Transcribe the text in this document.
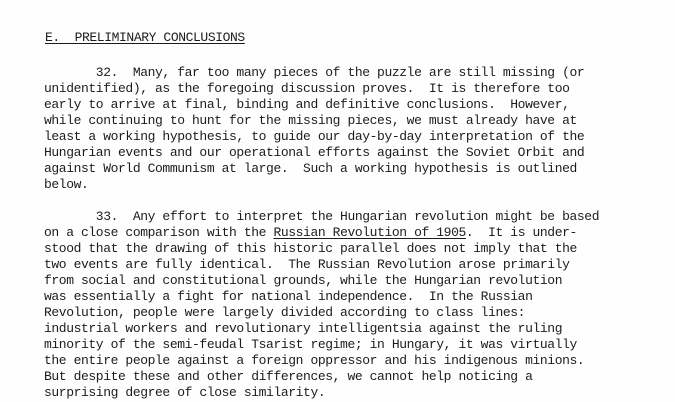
E.  PRELIMINARY CONCLUSIONS
32.  Many, far too many pieces of the puzzle are still missing (or
unidentified), as the foregoing discussion proves.  It is therefore too
early to arrive at final, binding and definitive conclusions.  However,
while continuing to hunt for the missing pieces, we must already have at
least a working hypothesis, to guide our day-by-day interpretation of the
Hungarian events and our operational efforts against the Soviet Orbit and
against World Communism at large.  Such a working hypothesis is outlined
below.
33.  Any effort to interpret the Hungarian revolution might be based
on a close comparison with the Russian Revolution of 1905.  It is under-
stood that the drawing of this historic parallel does not imply that the
two events are fully identical.  The Russian Revolution arose primarily
from social and constitutional grounds, while the Hungarian revolution
was essentially a fight for national independence.  In the Russian
Revolution, people were largely divided according to class lines:
industrial workers and revolutionary intelligentsia against the ruling
minority of the semi-feudal Tsarist regime; in Hungary, it was virtually
the entire people against a foreign oppressor and his indigenous minions.
But despite these and other differences, we cannot help noticing a
surprising degree of close similarity.
